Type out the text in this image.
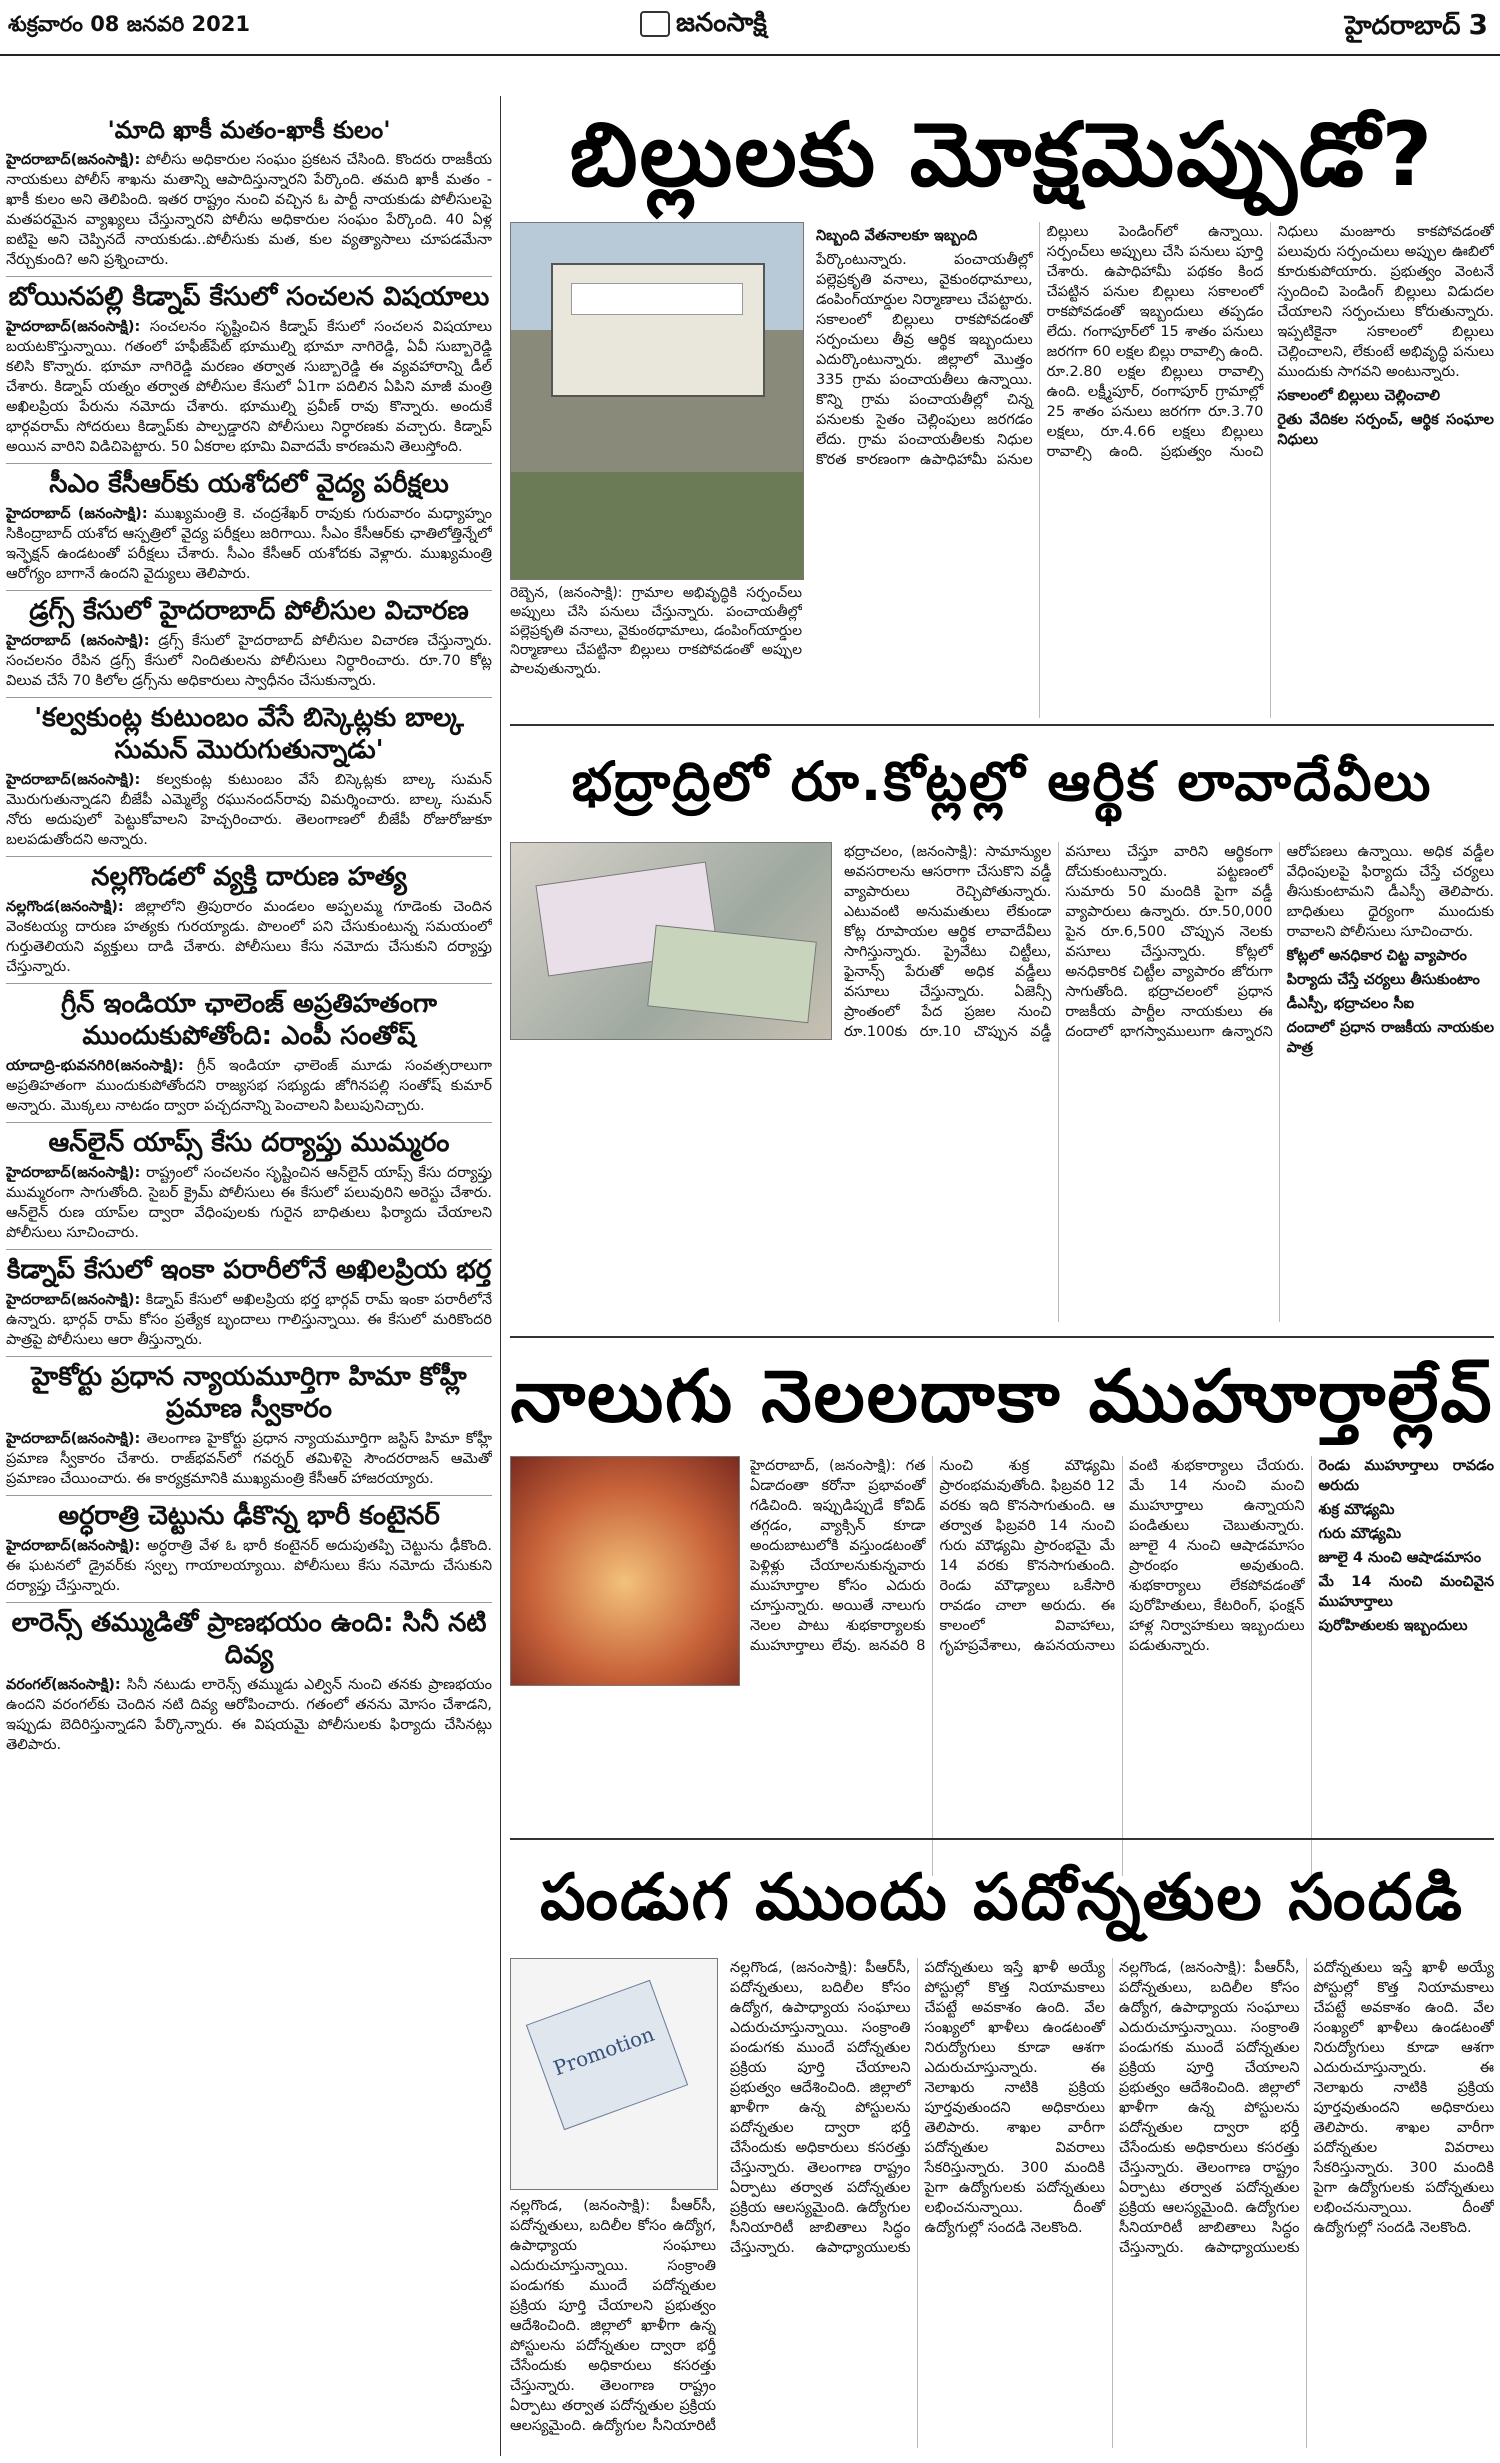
శుక్రవారం 08 జనవరి 2021	జనంసాక్షి	హైదరాబాద్ 3
'మాది ఖాకీ మతం-ఖాకీ కులం'

హైదరాబాద్‌(జనంసాక్షి): పోలీసు అధికారుల సంఘం ప్రకటన చేసింది. కొందరు రాజకీయ నాయకులు పోలీస్ శాఖను మతాన్ని ఆపాదిస్తున్నారని పేర్కొంది. తమది ఖాకీ మతం - ఖాకీ కులం అని తెలిపింది. ఇతర రాష్ట్రం నుంచి వచ్చిన ఓ పార్టీ నాయకుడు పోలీసులపై మతపరమైన వ్యాఖ్యలు చేస్తున్నారని పోలీసు అధికారుల సంఘం పేర్కొంది. 40 ఏళ్ల ఐటిపై అని చెప్పినదే నాయకుడు..పోలీసుకు మత, కుల వ్యత్యాసాలు చూపడమేనా నేర్చుకుంది? అని ప్రశ్నించారు.

బోయినపల్లి కిడ్నాప్‌ కేసులో సంచలన విషయాలు

హైదరాబాద్‌(జనంసాక్షి): సంచలనం సృష్టించిన కిడ్నాప్‌ కేసులో సంచలన విషయాలు బయటకొస్తున్నాయి. గతంలో హఫీజ్‌పేట్‌ భూముల్ని భూమా నాగిరెడ్డి, ఏవీ సుబ్బారెడ్డి కలిసి కొన్నారు. భూమా నాగిరెడ్డి మరణం తర్వాత సుబ్బారెడ్డి ఈ వ్యవహారాన్ని డీల్‌ చేశారు. కిడ్నాప్‌ యత్నం తర్వాత పోలీసుల కేసులో ఏ1గా పదిలిన ఏపిని మాజీ మంత్రి అఖిలప్రియ పేరును నమోదు చేశారు. భూముల్ని ప్రవీణ్‌ రావు కొన్నారు. అందుకే భార్గవరామ్‌ సోదరులు కిడ్నాప్‌కు పాల్పడ్డారని పోలీసులు నిర్ధారణకు వచ్చారు. కిడ్నాప్‌ అయిన వారిని విడిచిపెట్టారు. 50 ఏకరాల భూమి వివాదమే కారణమని తెలుస్తోంది.

సీఎం కేసీఆర్‌కు యశోదలో వైద్య పరీక్షలు

హైదరాబాద్‌ (జనంసాక్షి): ముఖ్యమంత్రి కె. చంద్రశేఖర్‌ రావుకు గురువారం మధ్యాహ్నం సికింద్రాబాద్‌ యశోద ఆస్పత్రిలో వైద్య పరీక్షలు జరిగాయి. సీఎం కేసీఆర్‌కు ఛాతిలోత్తిన్నేలో ఇన్ఫెక్షన్‌ ఉండటంతో పరీక్షలు చేశారు. సీఎం కేసీఆర్‌ యశోదకు వెళ్లారు. ముఖ్యమంత్రి ఆరోగ్యం బాగానే ఉందని వైద్యులు తెలిపారు.

డ్రగ్స్‌ కేసులో హైదరాబాద్‌ పోలీసుల విచారణ

హైదరాబాద్‌ (జనంసాక్షి): డ్రగ్స్‌ కేసులో హైదరాబాద్‌ పోలీసుల విచారణ చేస్తున్నారు. సంచలనం రేపిన డ్రగ్స్‌ కేసులో నిందితులను పోలీసులు నిర్ధారించారు. రూ.70 కోట్ల విలువ చేసే 70 కిలోల డ్రగ్స్‌ను అధికారులు స్వాధీనం చేసుకున్నారు.

'కల్వకుంట్ల కుటుంబం వేసే బిస్కెట్లకు బాల్క సుమన్‌ మొరుగుతున్నాడు'

హైదరాబాద్‌(జనంసాక్షి): కల్వకుంట్ల కుటుంబం వేసే బిస్కెట్లకు బాల్క సుమన్‌ మొరుగుతున్నాడని బీజేపీ ఎమ్మెల్యే రఘునందన్‌రావు విమర్శించారు. బాల్క సుమన్‌ నోరు అదుపులో పెట్టుకోవాలని హెచ్చరించారు. తెలంగాణలో బీజేపీ రోజురోజుకూ బలపడుతోందని అన్నారు.

నల్లగొండలో వ్యక్తి దారుణ హత్య

నల్లగొండ(జనంసాక్షి): జిల్లాలోని త్రిపురారం మండలం అప్పలమ్మ గూడెంకు చెందిన వెంకటయ్య దారుణ హత్యకు గురయ్యాడు. పొలంలో పని చేసుకుంటున్న సమయంలో గుర్తుతెలియని వ్యక్తులు దాడి చేశారు. పోలీసులు కేసు నమోదు చేసుకుని దర్యాప్తు చేస్తున్నారు.

గ్రీన్‌ ఇండియా ఛాలెంజ్‌ అప్రతిహతంగా ముందుకుపోతోంది: ఎంపీ సంతోష్‌

యాదాద్రి-భువనగిరి(జనంసాక్షి): గ్రీన్‌ ఇండియా ఛాలెంజ్‌ మూడు సంవత్సరాలుగా అప్రతిహతంగా ముందుకుపోతోందని రాజ్యసభ సభ్యుడు జోగినపల్లి సంతోష్‌ కుమార్‌ అన్నారు. మొక్కలు నాటడం ద్వారా పచ్చదనాన్ని పెంచాలని పిలుపునిచ్చారు.

ఆన్‌లైన్‌ యాప్స్‌ కేసు దర్యాప్తు ముమ్మరం

హైదరాబాద్‌(జనంసాక్షి): రాష్ట్రంలో సంచలనం సృష్టించిన ఆన్‌లైన్‌ యాప్స్‌ కేసు దర్యాప్తు ముమ్మరంగా సాగుతోంది. సైబర్‌ క్రైమ్‌ పోలీసులు ఈ కేసులో పలువురిని అరెస్టు చేశారు. ఆన్‌లైన్‌ రుణ యాప్‌ల ద్వారా వేధింపులకు గురైన బాధితులు ఫిర్యాదు చేయాలని పోలీసులు సూచించారు.

కిడ్నాప్‌ కేసులో ఇంకా పరారీలోనే అఖిలప్రియ భర్త

హైదరాబాద్‌(జనంసాక్షి): కిడ్నాప్‌ కేసులో అఖిలప్రియ భర్త భార్గవ్‌ రామ్‌ ఇంకా పరారీలోనే ఉన్నారు. భార్గవ్‌ రామ్‌ కోసం ప్రత్యేక బృందాలు గాలిస్తున్నాయి. ఈ కేసులో మరికొందరి పాత్రపై పోలీసులు ఆరా తీస్తున్నారు.

హైకోర్టు ప్రధాన న్యాయమూర్తిగా హిమా కోహ్లీ ప్రమాణ స్వీకారం

హైదరాబాద్‌(జనంసాక్షి): తెలంగాణ హైకోర్టు ప్రధాన న్యాయమూర్తిగా జస్టిస్‌ హిమా కోహ్లీ ప్రమాణ స్వీకారం చేశారు. రాజ్‌భవన్‌లో గవర్నర్‌ తమిళిసై సౌందరరాజన్‌ ఆమెతో ప్రమాణం చేయించారు. ఈ కార్యక్రమానికి ముఖ్యమంత్రి కేసీఆర్‌ హాజరయ్యారు.

అర్ధరాత్రి చెట్టును ఢీకొన్న భారీ కంటైనర్‌

హైదరాబాద్‌(జనంసాక్షి): అర్ధరాత్రి వేళ ఓ భారీ కంటైనర్‌ అదుపుతప్పి చెట్టును ఢీకొంది. ఈ ఘటనలో డ్రైవర్‌కు స్వల్ప గాయాలయ్యాయి. పోలీసులు కేసు నమోదు చేసుకుని దర్యాప్తు చేస్తున్నారు.

లారెన్స్‌ తమ్ముడితో ప్రాణభయం ఉంది: సినీ నటి దివ్య

వరంగల్‌(జనంసాక్షి): సినీ నటుడు లారెన్స్‌ తమ్ముడు ఎల్విన్‌ నుంచి తనకు ప్రాణభయం ఉందని వరంగల్‌కు చెందిన నటి దివ్య ఆరోపించారు. గతంలో తనను మోసం చేశాడని, ఇప్పుడు బెదిరిస్తున్నాడని పేర్కొన్నారు. ఈ విషయమై పోలీసులకు ఫిర్యాదు చేసినట్లు తెలిపారు.

బిల్లులకు మోక్షమెప్పుడో?
రెబ్బెన, (జనంసాక్షి): గ్రామాల అభివృద్ధికి సర్పంచ్‌లు అప్పులు చేసి పనులు చేస్తున్నారు. పంచాయతీల్లో పల్లెప్రకృతి వనాలు, వైకుంఠధామాలు, డంపింగ్‌యార్డుల నిర్మాణాలు చేపట్టినా బిల్లులు రాకపోవడంతో అప్పుల పాలవుతున్నారు.

నిబ్బంది వేతనాలకూ ఇబ్బంది

పేర్కొంటున్నారు. పంచాయతీల్లో పల్లెప్రకృతి వనాలు, వైకుంఠధామాలు, డంపింగ్‌యార్డుల నిర్మాణాలు చేపట్టారు. సకాలంలో బిల్లులు రాకపోవడంతో సర్పంచులు తీవ్ర ఆర్థిక ఇబ్బందులు ఎదుర్కొంటున్నారు. జిల్లాలో మొత్తం 335 గ్రామ పంచాయతీలు ఉన్నాయి. కొన్ని గ్రామ పంచాయతీల్లో చిన్న పనులకు సైతం చెల్లింపులు జరగడం లేదు. గ్రామ పంచాయతీలకు నిధుల కొరత కారణంగా ఉపాధిహామీ పనుల బిల్లులు పెండింగ్‌లో ఉన్నాయి. సర్పంచ్‌లు అప్పులు చేసి పనులు పూర్తి చేశారు. ఉపాధిహామీ పథకం కింద చేపట్టిన పనుల బిల్లులు సకాలంలో రాకపోవడంతో ఇబ్బందులు తప్పడం లేదు. గంగాపూర్‌లో 15 శాతం పనులు జరగగా 60 లక్షల బిల్లు రావాల్సి ఉంది. రూ.2.80 లక్షల బిల్లులు రావాల్సి ఉంది. లక్ష్మీపూర్‌, రంగాపూర్‌ గ్రామాల్లో 25 శాతం పనులు జరగగా రూ.3.70 లక్షలు, రూ.4.66 లక్షలు బిల్లులు రావాల్సి ఉంది. ప్రభుత్వం నుంచి నిధులు మంజూరు కాకపోవడంతో పలువురు సర్పంచులు అప్పుల ఊబిలో కూరుకుపోయారు. ప్రభుత్వం వెంటనే స్పందించి పెండింగ్‌ బిల్లులు విడుదల చేయాలని సర్పంచులు కోరుతున్నారు. ఇప్పటికైనా సకాలంలో బిల్లులు చెల్లించాలని, లేకుంటే అభివృద్ధి పనులు ముందుకు సాగవని అంటున్నారు.

సకాలంలో బిల్లులు చెల్లించాలి

రైతు వేదికల సర్పంచ్‌, ఆర్థిక సంఘాల నిధులు

భద్రాద్రిలో రూ.కోట్లల్లో ఆర్థిక లావాదేవీలు

భద్రాచలం, (జనంసాక్షి): సామాన్యుల అవసరాలను ఆసరాగా చేసుకొని వడ్డీ వ్యాపారులు రెచ్చిపోతున్నారు. ఎటువంటి అనుమతులు లేకుండా కోట్ల రూపాయల ఆర్థిక లావాదేవీలు సాగిస్తున్నారు. ప్రైవేటు చిట్టీలు, ఫైనాన్స్‌ పేరుతో అధిక వడ్డీలు వసూలు చేస్తున్నారు. ఏజెన్సీ ప్రాంతంలో పేద ప్రజల నుంచి రూ.100కు రూ.10 చొప్పున వడ్డీ వసూలు చేస్తూ వారిని ఆర్థికంగా దోచుకుంటున్నారు. పట్టణంలో సుమారు 50 మందికి పైగా వడ్డీ వ్యాపారులు ఉన్నారు. రూ.50,000 పైన రూ.6,500 చొప్పున నెలకు వసూలు చేస్తున్నారు. కోట్లలో అనధికారిక చిట్టీల వ్యాపారం జోరుగా సాగుతోంది. భద్రాచలంలో ప్రధాన రాజకీయ పార్టీల నాయకులు ఈ దందాలో భాగస్వాములుగా ఉన్నారని ఆరోపణలు ఉన్నాయి. అధిక వడ్డీల వేధింపులపై ఫిర్యాదు చేస్తే చర్యలు తీసుకుంటామని డీఎస్పీ తెలిపారు. బాధితులు ధైర్యంగా ముందుకు రావాలని పోలీసులు సూచించారు.

కోట్లలో అనధికార చిట్ట వ్యాపారం

పిర్యాదు చేస్తే చర్యలు తీసుకుంటాం

డీఎస్పీ, భద్రాచలం సీఐ

దందాలో ప్రధాన రాజకీయ నాయకుల పాత్ర

నాలుగు నెలలదాకా ముహూర్తాల్లేవ్‌

హైదరాబాద్‌, (జనంసాక్షి): గత ఏడాదంతా కరోనా ప్రభావంతో గడిచింది. ఇప్పుడిప్పుడే కోవిడ్‌ తగ్గడం, వ్యాక్సిన్‌ కూడా అందుబాటులోకి వస్తుండటంతో పెళ్లిళ్లు చేయాలనుకున్నవారు ముహూర్తాల కోసం ఎదురు చూస్తున్నారు. అయితే నాలుగు నెలల పాటు శుభకార్యాలకు ముహూర్తాలు లేవు. జనవరి 8 నుంచి శుక్ర మౌఢ్యమి ప్రారంభమవుతోంది. ఫిబ్రవరి 12 వరకు ఇది కొనసాగుతుంది. ఆ తర్వాత ఫిబ్రవరి 14 నుంచి గురు మౌఢ్యమి ప్రారంభమై మే 14 వరకు కొనసాగుతుంది. రెండు మౌఢ్యాలు ఒకేసారి రావడం చాలా అరుదు. ఈ కాలంలో వివాహాలు, గృహప్రవేశాలు, ఉపనయనాలు వంటి శుభకార్యాలు చేయరు. మే 14 నుంచి మంచి ముహూర్తాలు ఉన్నాయని పండితులు చెబుతున్నారు. జూలై 4 నుంచి ఆషాడమాసం ప్రారంభం అవుతుంది. శుభకార్యాలు లేకపోవడంతో పురోహితులు, కేటరింగ్‌, ఫంక్షన్‌ హాళ్ల నిర్వాహకులు ఇబ్బందులు పడుతున్నారు.

రెండు ముహూర్తాలు రావడం అరుదు

శుక్ర మౌఢ్యమి

గురు మౌఢ్యమి

జూలై 4 నుంచి ఆషాడమాసం

మే 14 నుంచి మంచివైన ముహూర్తాలు

పురోహితులకు ఇబ్బందులు

పండుగ ముందు పదోన్నతుల సందడి
Promotion

నల్లగొండ, (జనంసాక్షి): పీఆర్‌సీ, పదోన్నతులు, బదిలీల కోసం ఉద్యోగ, ఉపాధ్యాయ సంఘాలు ఎదురుచూస్తున్నాయి. సంక్రాంతి పండుగకు ముందే పదోన్నతుల ప్రక్రియ పూర్తి చేయాలని ప్రభుత్వం ఆదేశించింది. జిల్లాలో ఖాళీగా ఉన్న పోస్టులను పదోన్నతుల ద్వారా భర్తీ చేసేందుకు అధికారులు కసరత్తు చేస్తున్నారు. తెలంగాణ రాష్ట్రం ఏర్పాటు తర్వాత పదోన్నతుల ప్రక్రియ ఆలస్యమైంది. ఉద్యోగుల సీనియారిటీ

నల్లగొండ, (జనంసాక్షి): పీఆర్‌సీ, పదోన్నతులు, బదిలీల కోసం ఉద్యోగ, ఉపాధ్యాయ సంఘాలు ఎదురుచూస్తున్నాయి. సంక్రాంతి పండుగకు ముందే పదోన్నతుల ప్రక్రియ పూర్తి చేయాలని ప్రభుత్వం ఆదేశించింది. జిల్లాలో ఖాళీగా ఉన్న పోస్టులను పదోన్నతుల ద్వారా భర్తీ చేసేందుకు అధికారులు కసరత్తు చేస్తున్నారు. తెలంగాణ రాష్ట్రం ఏర్పాటు తర్వాత పదోన్నతుల ప్రక్రియ ఆలస్యమైంది. ఉద్యోగుల సీనియారిటీ జాబితాలు సిద్ధం చేస్తున్నారు. ఉపాధ్యాయులకు పదోన్నతులు ఇస్తే ఖాళీ అయ్యే పోస్టుల్లో కొత్త నియామకాలు చేపట్టే అవకాశం ఉంది. వేల సంఖ్యలో ఖాళీలు ఉండటంతో నిరుద్యోగులు కూడా ఆశగా ఎదురుచూస్తున్నారు. ఈ నెలాఖరు నాటికి ప్రక్రియ పూర్తవుతుందని అధికారులు తెలిపారు. శాఖల వారీగా పదోన్నతుల వివరాలు సేకరిస్తున్నారు. 300 మందికి పైగా ఉద్యోగులకు పదోన్నతులు లభించనున్నాయి. దీంతో ఉద్యోగుల్లో సందడి నెలకొంది.

నల్లగొండ, (జనంసాక్షి): పీఆర్‌సీ, పదోన్నతులు, బదిలీల కోసం ఉద్యోగ, ఉపాధ్యాయ సంఘాలు ఎదురుచూస్తున్నాయి. సంక్రాంతి పండుగకు ముందే పదోన్నతుల ప్రక్రియ పూర్తి చేయాలని ప్రభుత్వం ఆదేశించింది. జిల్లాలో ఖాళీగా ఉన్న పోస్టులను పదోన్నతుల ద్వారా భర్తీ చేసేందుకు అధికారులు కసరత్తు చేస్తున్నారు. తెలంగాణ రాష్ట్రం ఏర్పాటు తర్వాత పదోన్నతుల ప్రక్రియ ఆలస్యమైంది. ఉద్యోగుల సీనియారిటీ జాబితాలు సిద్ధం చేస్తున్నారు. ఉపాధ్యాయులకు పదోన్నతులు ఇస్తే ఖాళీ అయ్యే పోస్టుల్లో కొత్త నియామకాలు చేపట్టే అవకాశం ఉంది. వేల సంఖ్యలో ఖాళీలు ఉండటంతో నిరుద్యోగులు కూడా ఆశగా ఎదురుచూస్తున్నారు. ఈ నెలాఖరు నాటికి ప్రక్రియ పూర్తవుతుందని అధికారులు తెలిపారు. శాఖల వారీగా పదోన్నతుల వివరాలు సేకరిస్తున్నారు. 300 మందికి పైగా ఉద్యోగులకు పదోన్నతులు లభించనున్నాయి. దీంతో ఉద్యోగుల్లో సందడి నెలకొంది.
